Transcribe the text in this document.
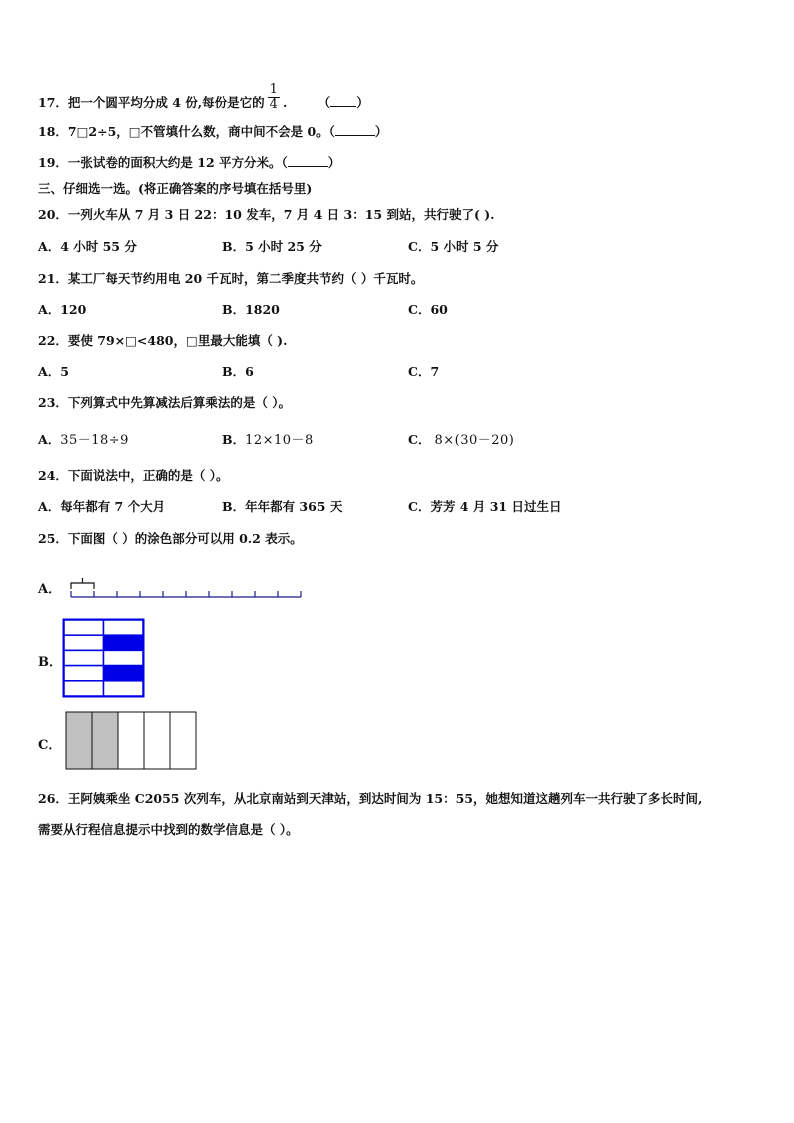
17．把一个圆平均分成 4 份,每份是它的 $\frac{1}{4}$ . （ ）
18．7□2÷5，□不管填什么数，商中间不会是 0。（	）
19．一张试卷的面积大约是 12 平方分米。（	）
三、仔细选一选。(将正确答案的序号填在括号里)
20．一列火车从 7 月 3 日 22：10 发车，7 月 4 日 3：15 到站，共行驶了( ).
A．4 小时 55 分	B．5 小时 25 分	C．5 小时 5 分
21．某工厂每天节约用电 20 千瓦时，第二季度共节约（ ）千瓦时。
A．120	B．1820	C．60
22．要使 79×□<480，□里最大能填（ ).
A．5	B．6	C．7
23．下列算式中先算减法后算乘法的是（ ）。
A．35－18÷9	B．12×10－8	C． 8×(30－20)
24．下面说法中，正确的是（ ）。
A．每年都有 7 个大月	B．年年都有 365 天	C．芳芳 4 月 31 日过生日
25．下面图（ ）的涂色部分可以用 0.2 表示。
A．
B．
C．
26．王阿姨乘坐 C2055 次列车，从北京南站到天津站，到达时间为 15：55，她想知道这趟列车一共行驶了多长时间,
需要从行程信息提示中找到的数学信息是（ ）。
